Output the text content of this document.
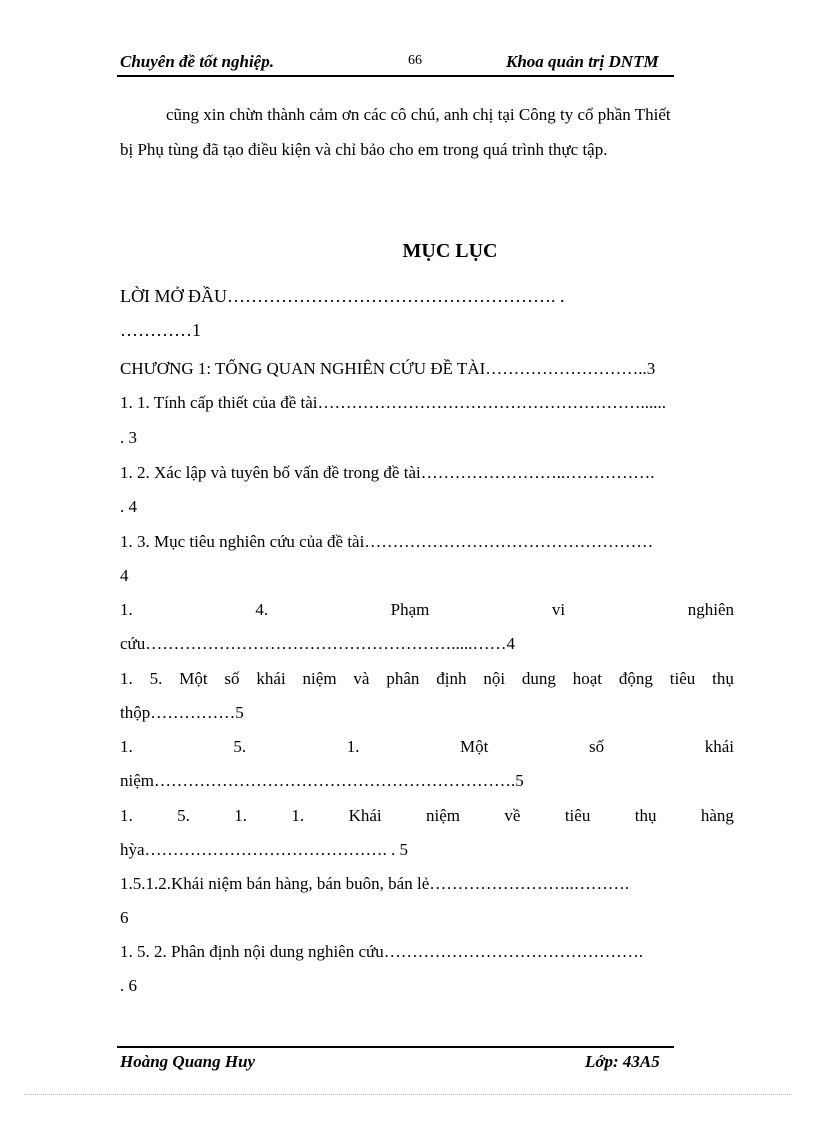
Chuyên đề tốt nghiệp.	66	Khoa quản trị DNTM
cũng xin chừn thành cảm ơn các cô chú, anh chị tại Công ty cổ phần Thiết
bị Phụ tùng đã tạo điều kiện và chỉ bảo cho em trong quá trình thực tập.
MỤC LỤC
LỜI MỞ ĐẦU………………………………………………. .
…………1
CHƯƠNG 1: TỔNG QUAN NGHIÊN CỨU ĐỀ TÀI………………………..3
1. 1. Tính cấp thiết của đề tài…………………………………………………......
. 3
1. 2. Xác lập và tuyên bố vấn đề trong đề tài……………………..…………….
. 4
1. 3. Mục tiêu nghiên cứu của đề tài……………………………………………
4
1.	4.	Phạm	vi	nghiên
cứu……………………………………………….....……4
1. 5. Một số khái niệm và phân định nội dung hoạt động tiêu thụ
thộp……………5
1.	5.	1.	Một	số	khái
niệm……………………………………………………….5
1.	5.	1.	1.	Khái	niệm	về	tiêu	thụ	hàng
hỳa……………………………………. . 5
1.5.1.2.Khái niệm bán hàng, bán buôn, bán lẻ……………………..……….
6
1. 5. 2. Phân định nội dung nghiên cứu……………………………………….
. 6
Hoàng Quang Huy	Lớp: 43A5
